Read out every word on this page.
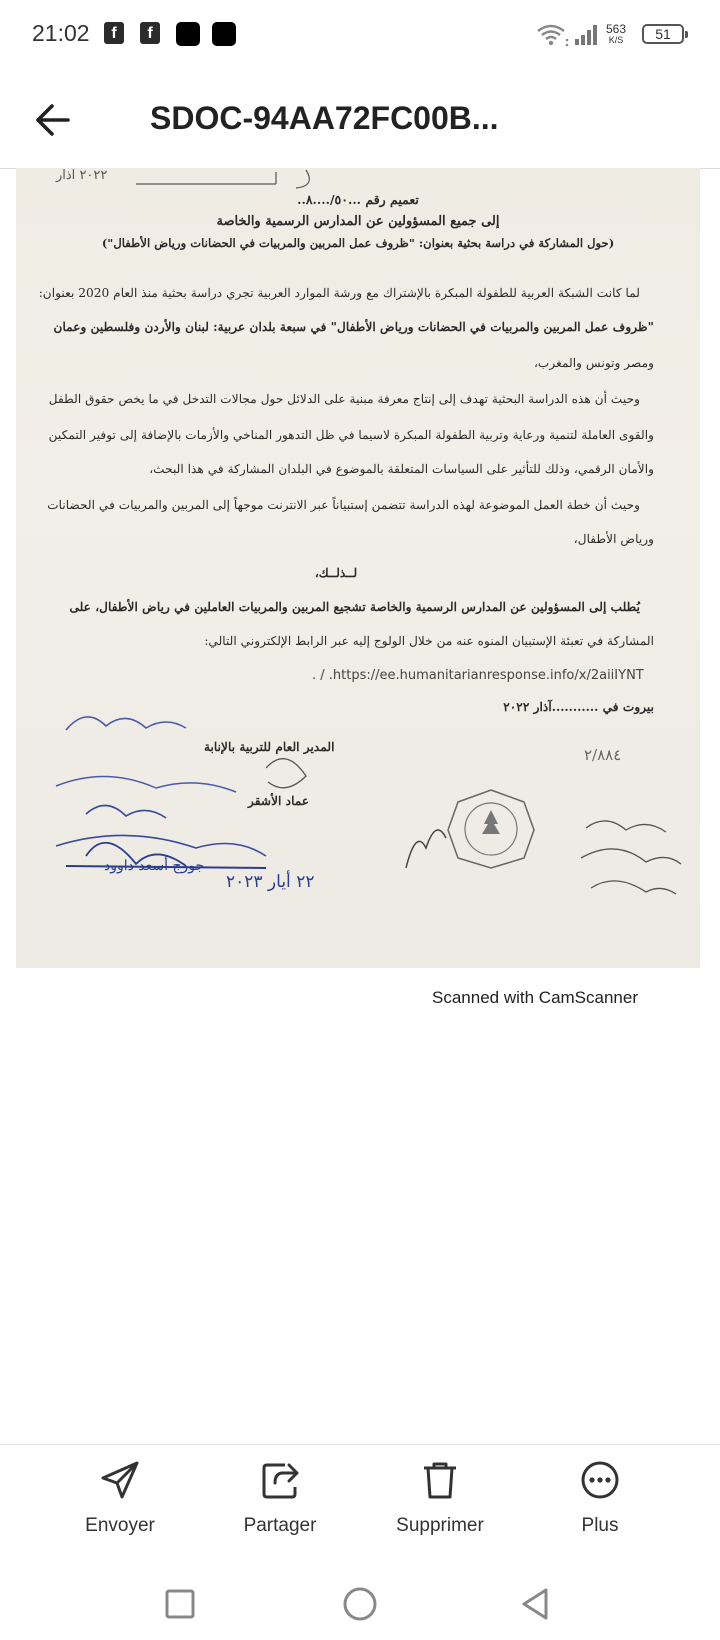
21:02	f	f	563
K/S	51
SDOC-94AA72FC00B...
٢٠٢٢ آذار
تعميم رقم ...٥٠/....٨..
إلى جميع المسؤولين عن المدارس الرسمية والخاصة
(حول المشاركة في دراسة بحثية بعنوان: "ظروف عمل المربين والمربيات في الحضانات ورياض الأطفال")
لما كانت الشبكة العربية للطفولة المبكرة بالإشتراك مع ورشة الموارد العربية تجري دراسة بحثية منذ العام 2020 بعنوان:
"ظروف عمل المربين والمربيات في الحضانات ورياض الأطفال" في سبعة بلدان عربية: لبنان والأردن وفلسطين وعمان
ومصر وتونس والمغرب،
وحيث أن هذه الدراسة البحثية تهدف إلى إنتاج معرفة مبنية على الدلائل حول مجالات التدخل في ما يخص حقوق الطفل
والقوى العاملة لتنمية ورعاية وتربية الطفولة المبكرة لاسيما في ظل التدهور المناخي والأزمات بالإضافة إلى توفير التمكين
والأمان الرقمي، وذلك للتأثير على السياسات المتعلقة بالموضوع في البلدان المشاركة في هذا البحث،
وحيث أن خطة العمل الموضوعة لهذه الدراسة تتضمن إستبياناً عبر الانترنت موجهاً إلى المربين والمربيات في الحضانات
ورياض الأطفال،
لــذلــك،
يُطلب إلى المسؤولين عن المدارس الرسمية والخاصة تشجيع المربين والمربيات العاملين في رياض الأطفال، على
المشاركة في تعبئة الإستبيان المنوه عنه من خلال الولوج إليه عبر الرابط الإلكتروني التالي:
. / .https://ee.humanitarianresponse.info/x/2aiiIYNT
بيروت في ...........آذار ٢٠٢٢
المدير العام للتربية بالإنابة
عماد الأشقر
٢/٨٨٤
جورج أسعد داوود
٢٢ أيار ٢٠٢٣
Scanned with CamScanner
Envoyer	Partager	Supprimer	Plus
